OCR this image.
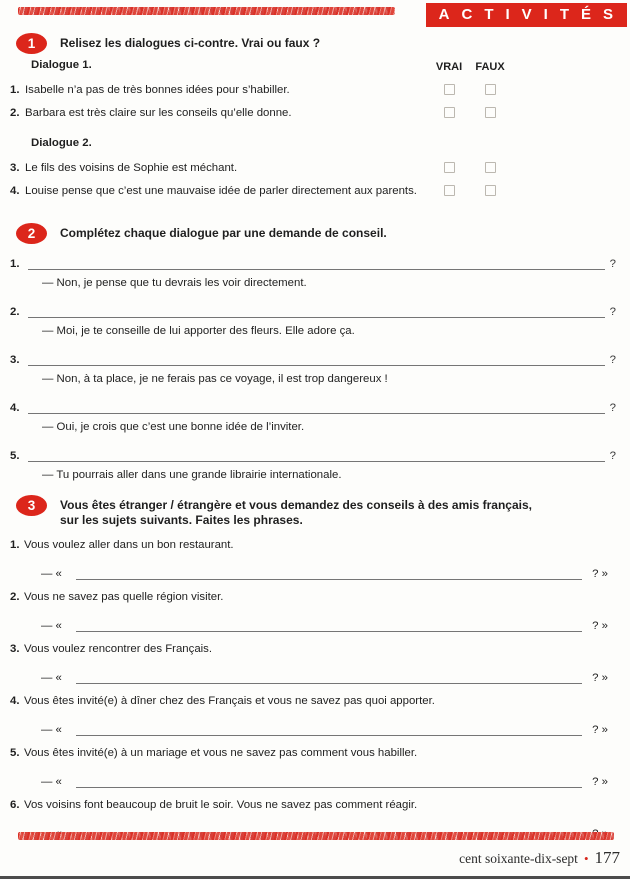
ACTIVITÉS
1	Relisez les dialogues ci-contre. Vrai ou faux ?
VRAI	FAUX
Dialogue 1.
1. Isabelle n’a pas de très bonnes idées pour s’habiller.
2. Barbara est très claire sur les conseils qu’elle donne.
Dialogue 2.
3. Le fils des voisins de Sophie est méchant.
4. Louise pense que c’est une mauvaise idée de parler directement aux parents.
2	Complétez chaque dialogue par une demande de conseil.
1.	?
— Non, je pense que tu devrais les voir directement.
2.	?
— Moi, je te conseille de lui apporter des fleurs. Elle adore ça.
3.	?
— Non, à ta place, je ne ferais pas ce voyage, il est trop dangereux !
4.	?
— Oui, je crois que c’est une bonne idée de l’inviter.
5.	?
— Tu pourrais aller dans une grande librairie internationale.
3	Vous êtes étranger / étrangère et vous demandez des conseils à des amis français,
sur les sujets suivants. Faites les phrases.
1. Vous voulez aller dans un bon restaurant.
— «	? »
2. Vous ne savez pas quelle région visiter.
— «	? »
3. Vous voulez rencontrer des Français.
— «	? »
4. Vous êtes invité(e) à dîner chez des Français et vous ne savez pas quoi apporter.
— «	? »
5. Vous êtes invité(e) à un mariage et vous ne savez pas comment vous habiller.
— «	? »
6. Vos voisins font beaucoup de bruit le soir. Vous ne savez pas comment réagir.
cent soixante-dix-sept • 177
